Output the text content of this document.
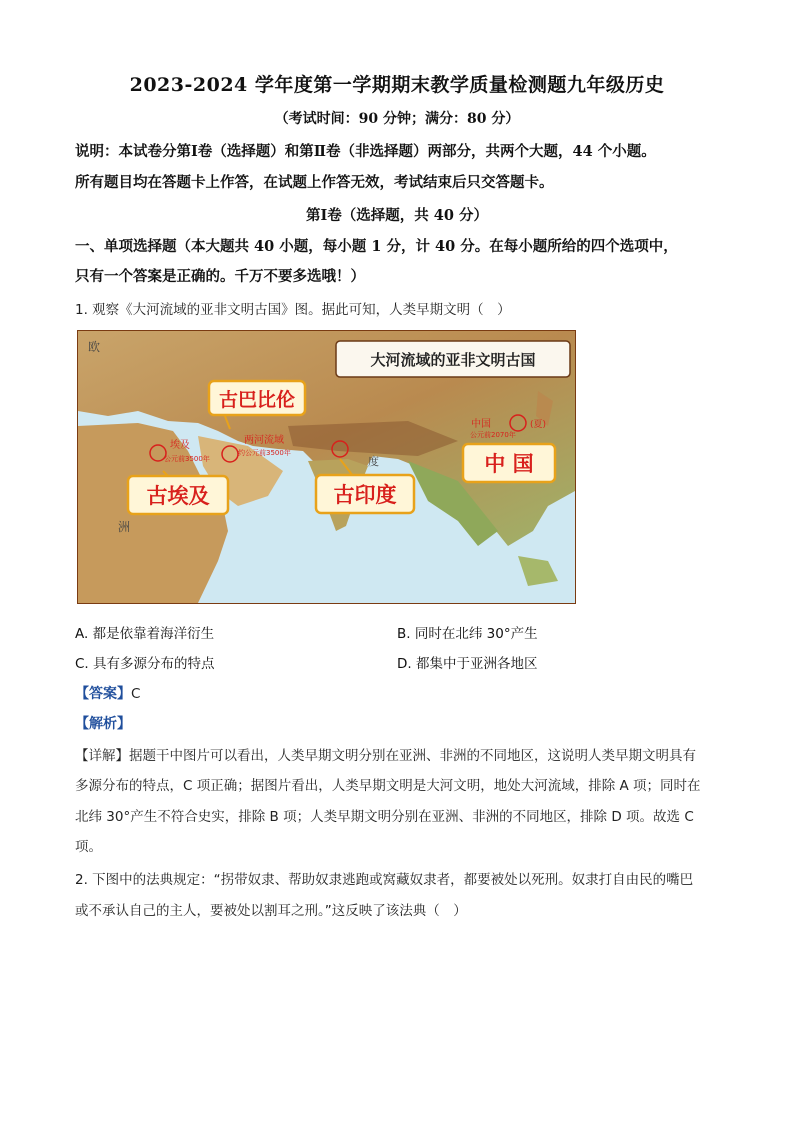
2023-2024 学年度第一学期期末教学质量检测题九年级历史
（考试时间：90 分钟；满分：80 分）
说明：本试卷分第Ⅰ卷（选择题）和第Ⅱ卷（非选择题）两部分，共两个大题，44 个小题。
所有题目均在答题卡上作答，在试题上作答无效，考试结束后只交答题卡。
第Ⅰ卷（选择题，共 40 分）
一、单项选择题（本大题共 40 小题，每小题 1 分，计 40 分。在每小题所给的四个选项中，
只有一个答案是正确的。千万不要多选哦！）
1. 观察《大河流域的亚非文明古国》图。据此可知，人类早期文明（　）
大河流域的亚非文明古国
欧
洲
两河流域
约公元前3500年
埃及
公元前3500年
中国
公元前2070年
(夏)
度
古巴比伦
古埃及	古印度
中 国
A. 都是依靠着海洋衍生	B. 同时在北纬 30°产生
C. 具有多源分布的特点	D. 都集中于亚洲各地区
【答案】C
【解析】
【详解】据题干中图片可以看出，人类早期文明分别在亚洲、非洲的不同地区，这说明人类早期文明具有
多源分布的特点，C 项正确；据图片看出，人类早期文明是大河文明，地处大河流域，排除 A 项；同时在
北纬 30°产生不符合史实，排除 B 项；人类早期文明分别在亚洲、非洲的不同地区，排除 D 项。故选 C
项。
2. 下图中的法典规定：“拐带奴隶、帮助奴隶逃跑或窝藏奴隶者，都要被处以死刑。奴隶打自由民的嘴巴
或不承认自己的主人，要被处以割耳之刑。”这反映了该法典（　）
